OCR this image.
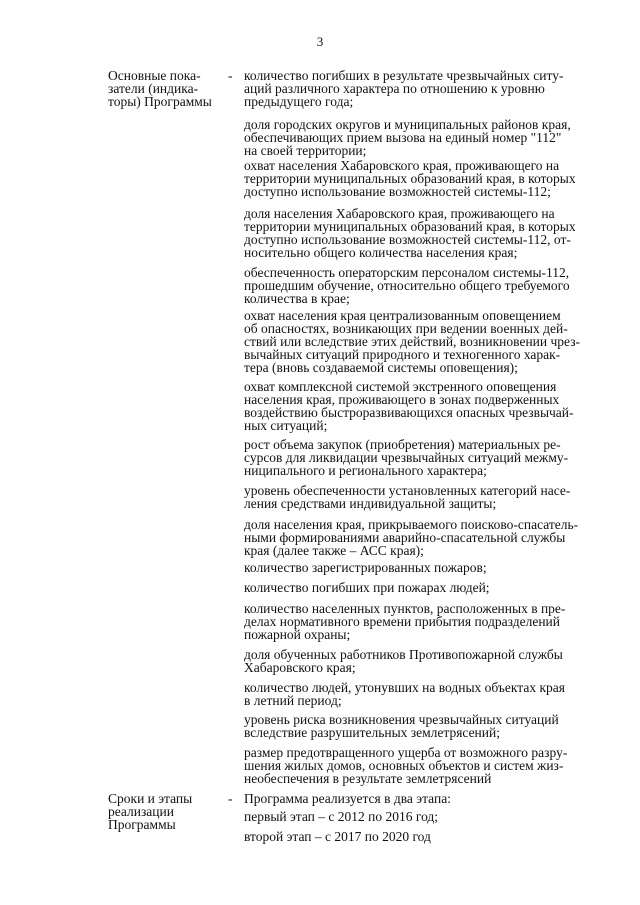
3
Основные пока-
затели (индика-
торы) Программы
- количество погибших в результате чрезвычайных ситу-
aций различного характера по отношению к уровню
предыдущего года;
доля городских округов и муниципальных районов края,
обеспечивающих прием вызова на единый номер "112"
на своей территории;
охват населения Хабаровского края, проживающего на
территории муниципальных образований края, в которых
доступно использование возможностей системы-112;
доля населения Хабаровского края, проживающего на
территории муниципальных образований края, в которых
доступно использование возможностей системы-112, от-
носительно общего количества населения края;
обеспеченность операторским персоналом системы-112,
прошедшим обучение, относительно общего требуемого
количества в крае;
охват населения края централизованным оповещением
об опасностях, возникающих при ведении военных дей-
ствий или вследствие этих действий, возникновении чрез-
вычайных ситуаций природного и техногенного харак-
тера (вновь создаваемой системы оповещения);
охват комплексной системой экстренного оповещения
населения края, проживающего в зонах подверженных
воздействию быстроразвивающихся опасных чрезвычай-
ных ситуаций;
рост объема закупок (приобретения) материальных ре-
сурсов для ликвидации чрезвычайных ситуаций межму-
ниципального и регионального характера;
уровень обеспеченности установленных категорий насе-
ления средствами индивидуальной защиты;
доля населения края, прикрываемого поисково-спасатель-
ными формированиями аварийно-спасательной службы
края (далее также – АСС края);
количество зарегистрированных пожаров;
количество погибших при пожарах людей;
количество населенных пунктов, расположенных в пре-
делах нормативного времени прибытия подразделений
пожарной охраны;
доля обученных работников Противопожарной службы
Хабаровского края;
количество людей, утонувших на водных объектах края
в летний период;
уровень риска возникновения чрезвычайных ситуаций
вследствие разрушительных землетрясений;
размер предотвращенного ущерба от возможного разру-
шения жилых домов, основных объектов и систем жиз-
необеспечения в результате землетрясений
Сроки и этапы
реализации
Программы
- Программа реализуется в два этапа:
первый этап – с 2012 по 2016 год;
второй этап – с 2017 по 2020 год
